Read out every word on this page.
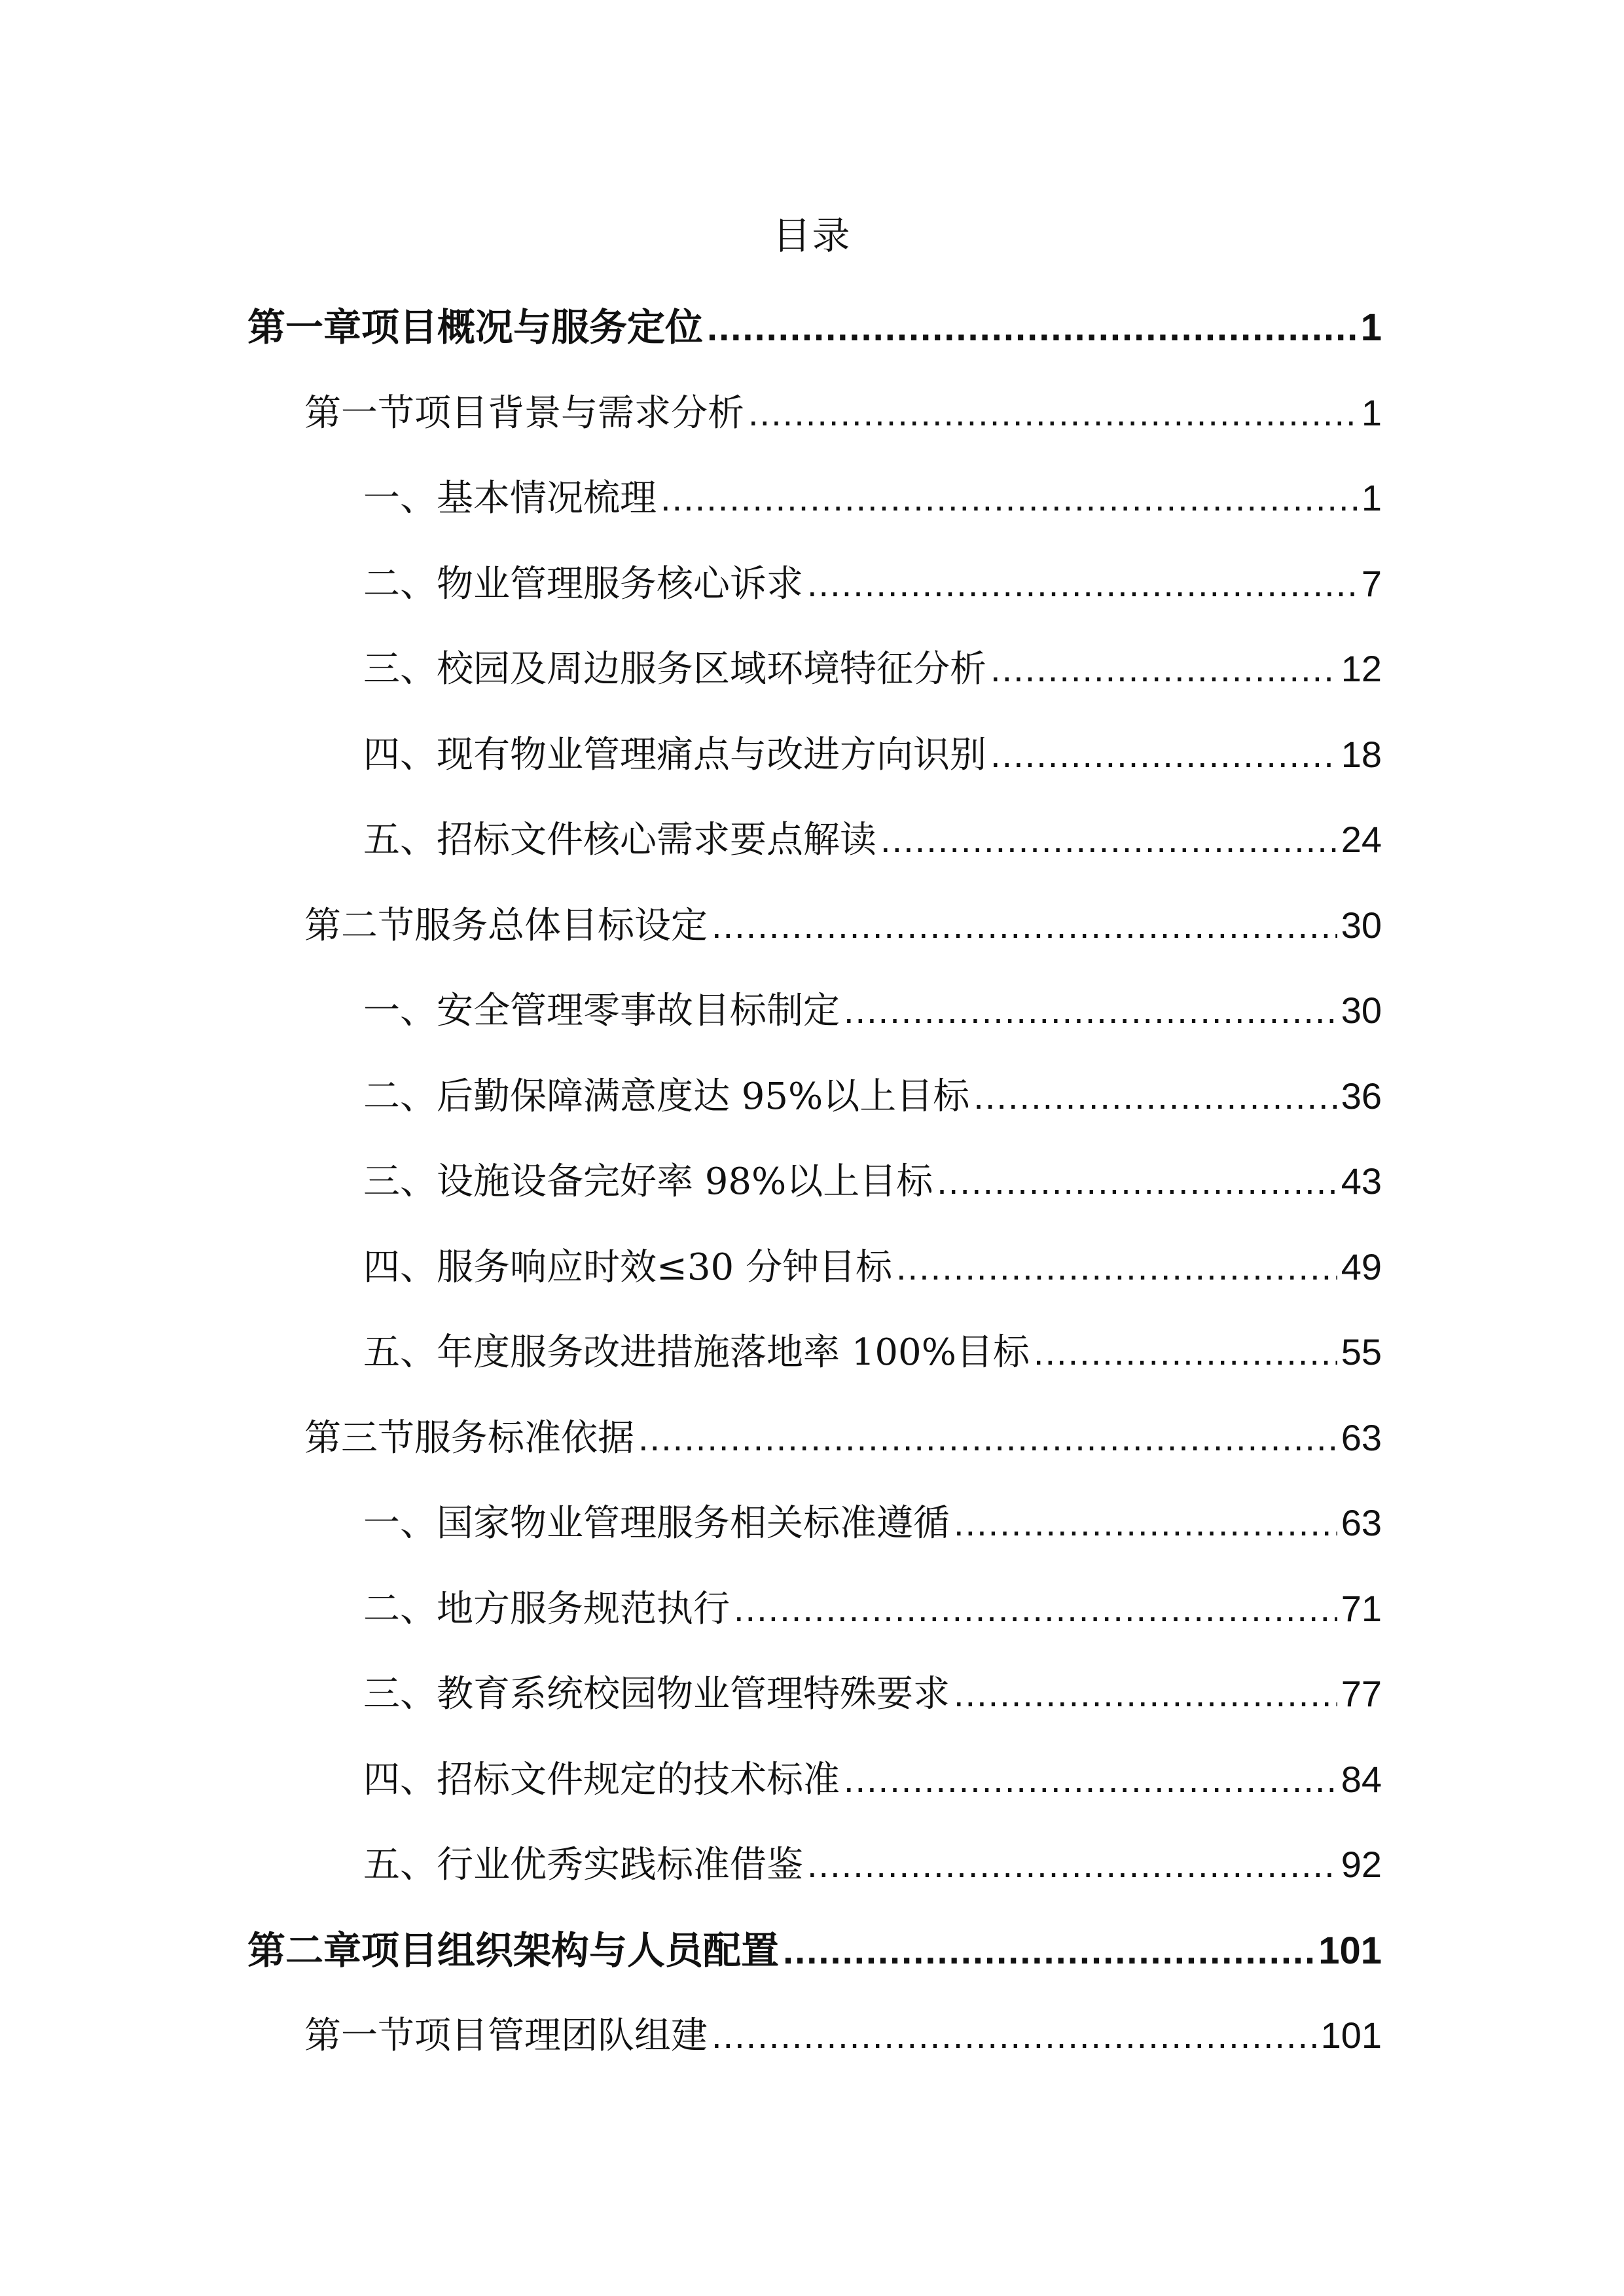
目录
第一章项目概况与服务定位 .....	1
第一节项目背景与需求分析 .....	1
一、基本情况梳理 .....	1
二、物业管理服务核心诉求 .....	7
三、校园及周边服务区域环境特征分析 .....	12
四、现有物业管理痛点与改进方向识别 .....	18
五、招标文件核心需求要点解读 .....	24
第二节服务总体目标设定 .....	30
一、安全管理零事故目标制定 .....	30
二、后勤保障满意度达 95%以上目标 .....	36
三、设施设备完好率 98%以上目标 .....	43
四、服务响应时效≤30 分钟目标 .....	49
五、年度服务改进措施落地率 100%目标 .....	55
第三节服务标准依据 .....	63
一、国家物业管理服务相关标准遵循 .....	63
二、地方服务规范执行 .....	71
三、教育系统校园物业管理特殊要求 .....	77
四、招标文件规定的技术标准 .....	84
五、行业优秀实践标准借鉴 .....	92
第二章项目组织架构与人员配置 .....	101
第一节项目管理团队组建 .....	101
